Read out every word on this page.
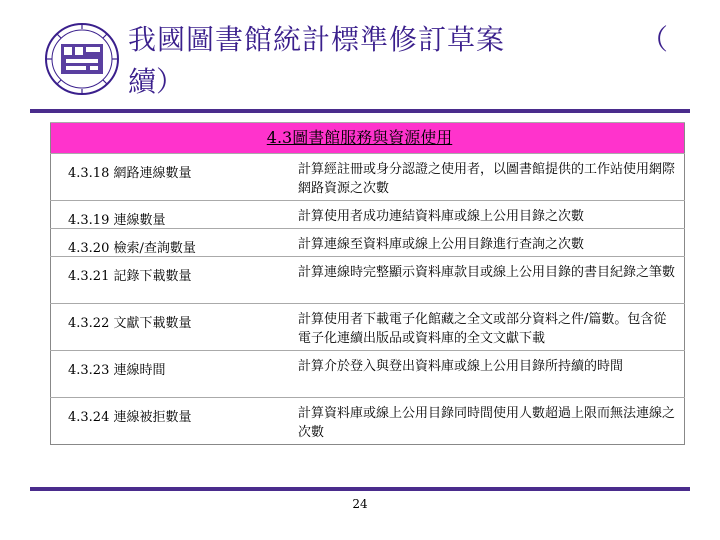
我國圖書館統計標準修訂草案	（
續）
4.3圖書館服務與資源使用	
4.3.18 網路連線數量	計算經註冊或身分認證之使用者，以圖書館提供的工作站使用網際網路資源之次數
4.3.19 連線數量	計算使用者成功連結資料庫或線上公用目錄之次數
4.3.20 檢索/查詢數量	計算連線至資料庫或線上公用目錄進行查詢之次數
4.3.21 記錄下載數量	計算連線時完整顯示資料庫款目或線上公用目錄的書目紀錄之筆數
4.3.22 文獻下載數量	計算使用者下載電子化館藏之全文或部分資料之件/篇數。包含從電子化連續出版品或資料庫的全文文獻下載
4.3.23 連線時間	計算介於登入與登出資料庫或線上公用目錄所持續的時間
4.3.24 連線被拒數量	計算資料庫或線上公用目錄同時間使用人數超過上限而無法連線之次數
24
